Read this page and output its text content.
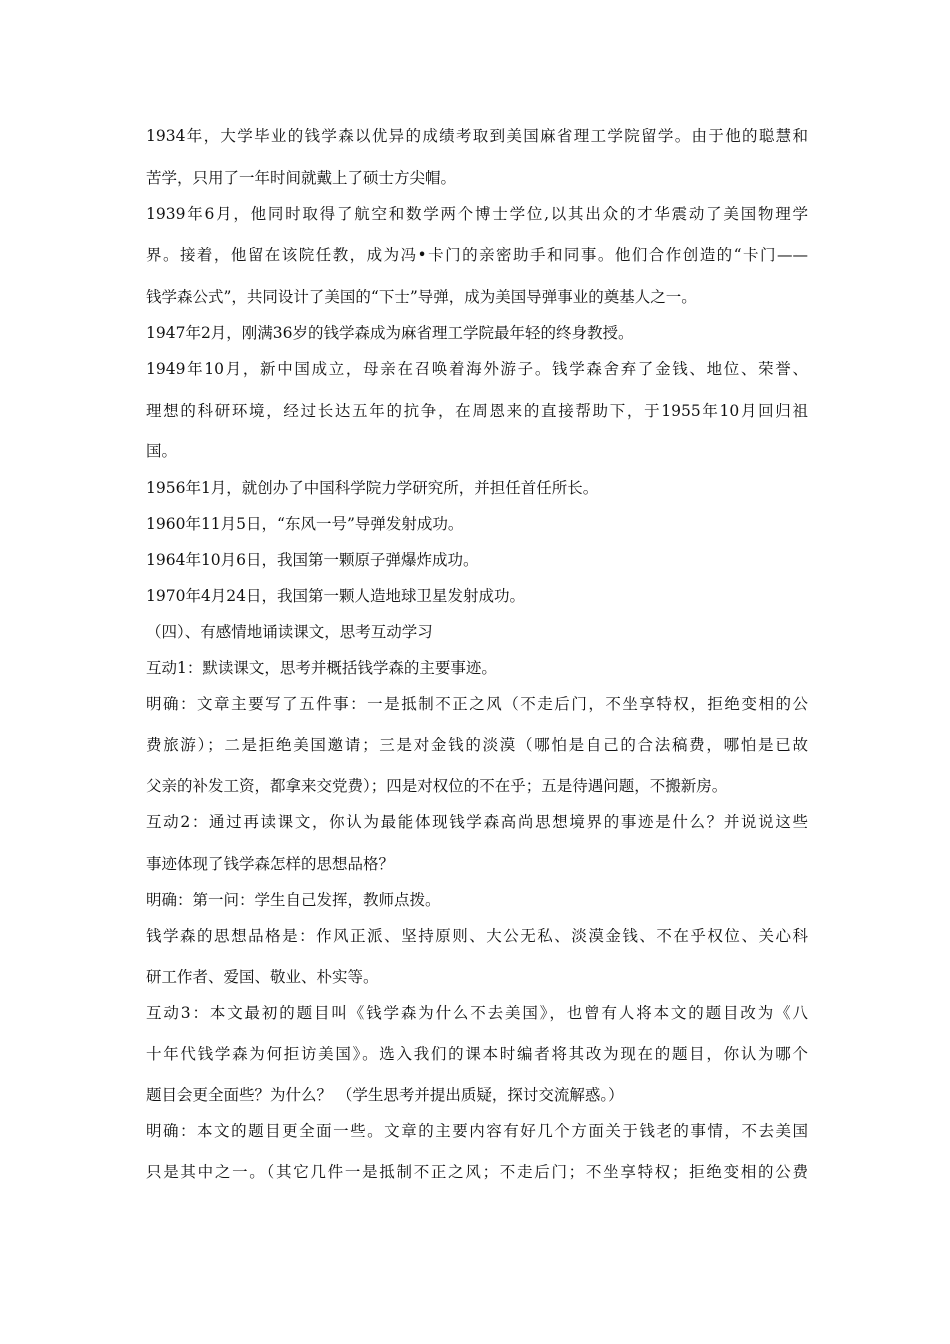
1934年，大学毕业的钱学森以优异的成绩考取到美国麻省理工学院留学。由于他的聪慧和
苦学，只用了一年时间就戴上了硕士方尖帽。
1939年6月，他同时取得了航空和数学两个博士学位,以其出众的才华震动了美国物理学
界。接着，他留在该院任教，成为冯•卡门的亲密助手和同事。他们合作创造的“卡门——
钱学森公式”，共同设计了美国的“下士”导弹，成为美国导弹事业的奠基人之一。
1947年2月，刚满36岁的钱学森成为麻省理工学院最年轻的终身教授。
1949年10月，新中国成立，母亲在召唤着海外游子。钱学森舍弃了金钱、地位、荣誉、
理想的科研环境，经过长达五年的抗争，在周恩来的直接帮助下，于1955年10月回归祖
国。
1956年1月，就创办了中国科学院力学研究所，并担任首任所长。
1960年11月5日，“东风一号”导弹发射成功。
1964年10月6日，我国第一颗原子弹爆炸成功。
1970年4月24日，我国第一颗人造地球卫星发射成功。
（四）、有感情地诵读课文，思考互动学习
互动1：默读课文，思考并概括钱学森的主要事迹。
明确：文章主要写了五件事：一是抵制不正之风（不走后门，不坐享特权，拒绝变相的公
费旅游）；二是拒绝美国邀请；三是对金钱的淡漠（哪怕是自己的合法稿费，哪怕是已故
父亲的补发工资，都拿来交党费）；四是对权位的不在乎；五是待遇问题，不搬新房。
互动2：通过再读课文，你认为最能体现钱学森高尚思想境界的事迹是什么？并说说这些
事迹体现了钱学森怎样的思想品格？
明确：第一问：学生自己发挥，教师点拨。
钱学森的思想品格是：作风正派、坚持原则、大公无私、淡漠金钱、不在乎权位、关心科
研工作者、爱国、敬业、朴实等。
互动3：本文最初的题目叫《钱学森为什么不去美国》，也曾有人将本文的题目改为《八
十年代钱学森为何拒访美国》。选入我们的课本时编者将其改为现在的题目，你认为哪个
题目会更全面些？为什么？ （学生思考并提出质疑，探讨交流解惑。）
明确：本文的题目更全面一些。文章的主要内容有好几个方面关于钱老的事情，不去美国
只是其中之一。（其它几件一是抵制不正之风；不走后门；不坐享特权；拒绝变相的公费
